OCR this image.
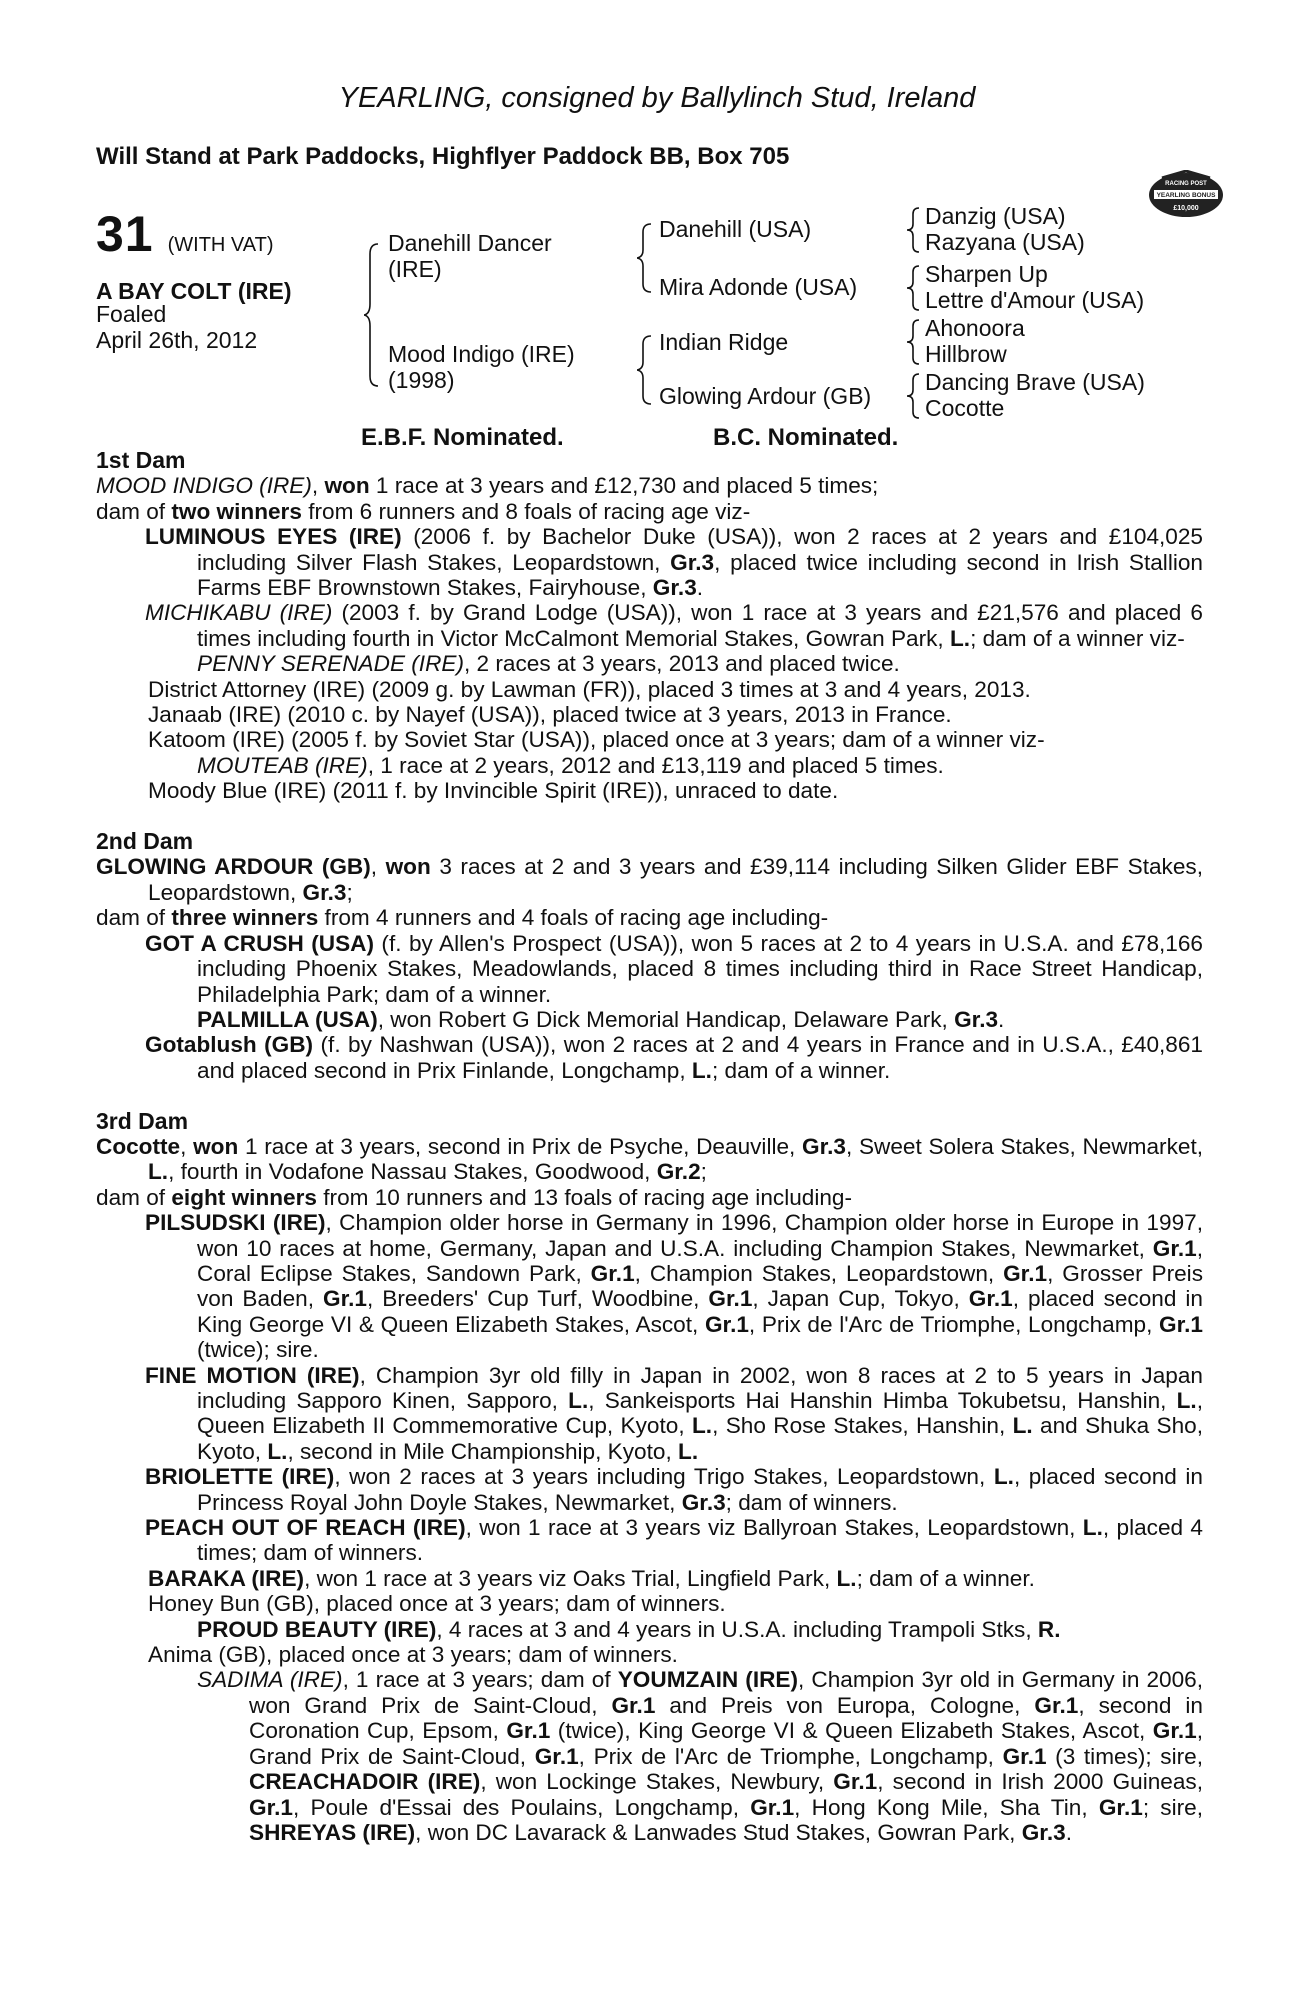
YEARLING, consigned by Ballylinch Stud, Ireland
Will Stand at Park Paddocks, Highflyer Paddock BB, Box 705
RACING POST
YEARLING BONUS
£10,000
31 (WITH VAT)
A BAY COLT (IRE)
Foaled
April 26th, 2012
Danehill Dancer
(IRE)
Mood Indigo (IRE)
(1998)
Danehill (USA)
Mira Adonde (USA)
Indian Ridge
Glowing Ardour (GB)
Danzig (USA)
Razyana (USA)
Sharpen Up
Lettre d'Amour (USA)
Ahonoora
Hillbrow
Dancing Brave (USA)
Cocotte
E.B.F. Nominated.	B.C. Nominated.

1st Dam

MOOD INDIGO (IRE), won 1 race at 3 years and £12,730 and placed 5 times;

dam of two winners from 6 runners and 8 foals of racing age viz-

LUMINOUS EYES (IRE) (2006 f. by Bachelor Duke (USA)), won 2 races at 2 years and £104,025 including Silver Flash Stakes, Leopardstown, Gr.3, placed twice including second in Irish Stallion Farms EBF Brownstown Stakes, Fairyhouse, Gr.3.

MICHIKABU (IRE) (2003 f. by Grand Lodge (USA)), won 1 race at 3 years and £21,576 and placed 6 times including fourth in Victor McCalmont Memorial Stakes, Gowran Park, L.; dam of a winner viz-

PENNY SERENADE (IRE), 2 races at 3 years, 2013 and placed twice.

District Attorney (IRE) (2009 g. by Lawman (FR)), placed 3 times at 3 and 4 years, 2013.

Janaab (IRE) (2010 c. by Nayef (USA)), placed twice at 3 years, 2013 in France.

Katoom (IRE) (2005 f. by Soviet Star (USA)), placed once at 3 years; dam of a winner viz-

MOUTEAB (IRE), 1 race at 2 years, 2012 and £13,119 and placed 5 times.

Moody Blue (IRE) (2011 f. by Invincible Spirit (IRE)), unraced to date.

2nd Dam

GLOWING ARDOUR (GB), won 3 races at 2 and 3 years and £39,114 including Silken Glider EBF Stakes, Leopardstown, Gr.3;

dam of three winners from 4 runners and 4 foals of racing age including-

GOT A CRUSH (USA) (f. by Allen's Prospect (USA)), won 5 races at 2 to 4 years in U.S.A. and £78,166 including Phoenix Stakes, Meadowlands, placed 8 times including third in Race Street Handicap, Philadelphia Park; dam of a winner.

PALMILLA (USA), won Robert G Dick Memorial Handicap, Delaware Park, Gr.3.

Gotablush (GB) (f. by Nashwan (USA)), won 2 races at 2 and 4 years in France and in U.S.A., £40,861 and placed second in Prix Finlande, Longchamp, L.; dam of a winner.

3rd Dam

Cocotte, won 1 race at 3 years, second in Prix de Psyche, Deauville, Gr.3, Sweet Solera Stakes, Newmarket, L., fourth in Vodafone Nassau Stakes, Goodwood, Gr.2;

dam of eight winners from 10 runners and 13 foals of racing age including-

PILSUDSKI (IRE), Champion older horse in Germany in 1996, Champion older horse in Europe in 1997, won 10 races at home, Germany, Japan and U.S.A. including Champion Stakes, Newmarket, Gr.1, Coral Eclipse Stakes, Sandown Park, Gr.1, Champion Stakes, Leopardstown, Gr.1, Grosser Preis von Baden, Gr.1, Breeders' Cup Turf, Woodbine, Gr.1, Japan Cup, Tokyo, Gr.1, placed second in King George VI & Queen Elizabeth Stakes, Ascot, Gr.1, Prix de l'Arc de Triomphe, Longchamp, Gr.1 (twice); sire.

FINE MOTION (IRE), Champion 3yr old filly in Japan in 2002, won 8 races at 2 to 5 years in Japan including Sapporo Kinen, Sapporo, L., Sankeisports Hai Hanshin Himba Tokubetsu, Hanshin, L., Queen Elizabeth II Commemorative Cup, Kyoto, L., Sho Rose Stakes, Hanshin, L. and Shuka Sho, Kyoto, L., second in Mile Championship, Kyoto, L.

BRIOLETTE (IRE), won 2 races at 3 years including Trigo Stakes, Leopardstown, L., placed second in Princess Royal John Doyle Stakes, Newmarket, Gr.3; dam of winners.

PEACH OUT OF REACH (IRE), won 1 race at 3 years viz Ballyroan Stakes, Leopardstown, L., placed 4 times; dam of winners.

BARAKA (IRE), won 1 race at 3 years viz Oaks Trial, Lingfield Park, L.; dam of a winner.

Honey Bun (GB), placed once at 3 years; dam of winners.

PROUD BEAUTY (IRE), 4 races at 3 and 4 years in U.S.A. including Trampoli Stks, R.

Anima (GB), placed once at 3 years; dam of winners.

SADIMA (IRE), 1 race at 3 years; dam of YOUMZAIN (IRE), Champion 3yr old in Germany in 2006, won Grand Prix de Saint-Cloud, Gr.1 and Preis von Europa, Cologne, Gr.1, second in Coronation Cup, Epsom, Gr.1 (twice), King George VI & Queen Elizabeth Stakes, Ascot, Gr.1, Grand Prix de Saint-Cloud, Gr.1, Prix de l'Arc de Triomphe, Longchamp, Gr.1 (3 times); sire, CREACHADOIR (IRE), won Lockinge Stakes, Newbury, Gr.1, second in Irish 2000 Guineas, Gr.1, Poule d'Essai des Poulains, Longchamp, Gr.1, Hong Kong Mile, Sha Tin, Gr.1; sire, SHREYAS (IRE), won DC Lavarack & Lanwades Stud Stakes, Gowran Park, Gr.3.
